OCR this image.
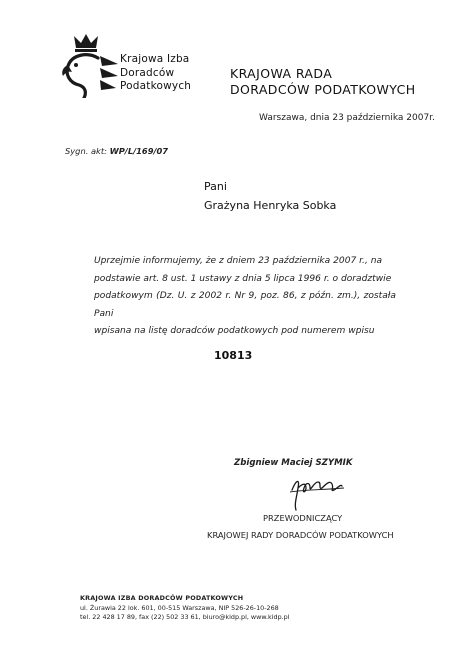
Krajowa Izba
Doradców
Podatkowych
KRAJOWA RADA
DORADCÓW PODATKOWYCH
Warszawa, dnia 23 października 2007r.
Sygn. akt: WP/L/169/07
Pani
Grażyna Henryka Sobka
Uprzejmie informujemy, że z dniem 23 października 2007 r., na
podstawie art. 8 ust. 1 ustawy z dnia 5 lipca 1996 r. o doradztwie
podatkowym (Dz. U. z 2002 r. Nr 9, poz. 86, z późn. zm.), została Pani
wpisana na listę doradców podatkowych pod numerem wpisu
10813
Zbigniew Maciej SZYMIK
PRZEWODNICZĄCY
KRAJOWEJ RADY DORADCÓW PODATKOWYCH
KRAJOWA IZBA DORADCÓW PODATKOWYCH
ul. Żurawia 22 lok. 601, 00-515 Warszawa, NIP 526-26-10-268
tel. 22 428 17 89, fax (22) 502 33 61, biuro@kidp.pl, www.kidp.pl
